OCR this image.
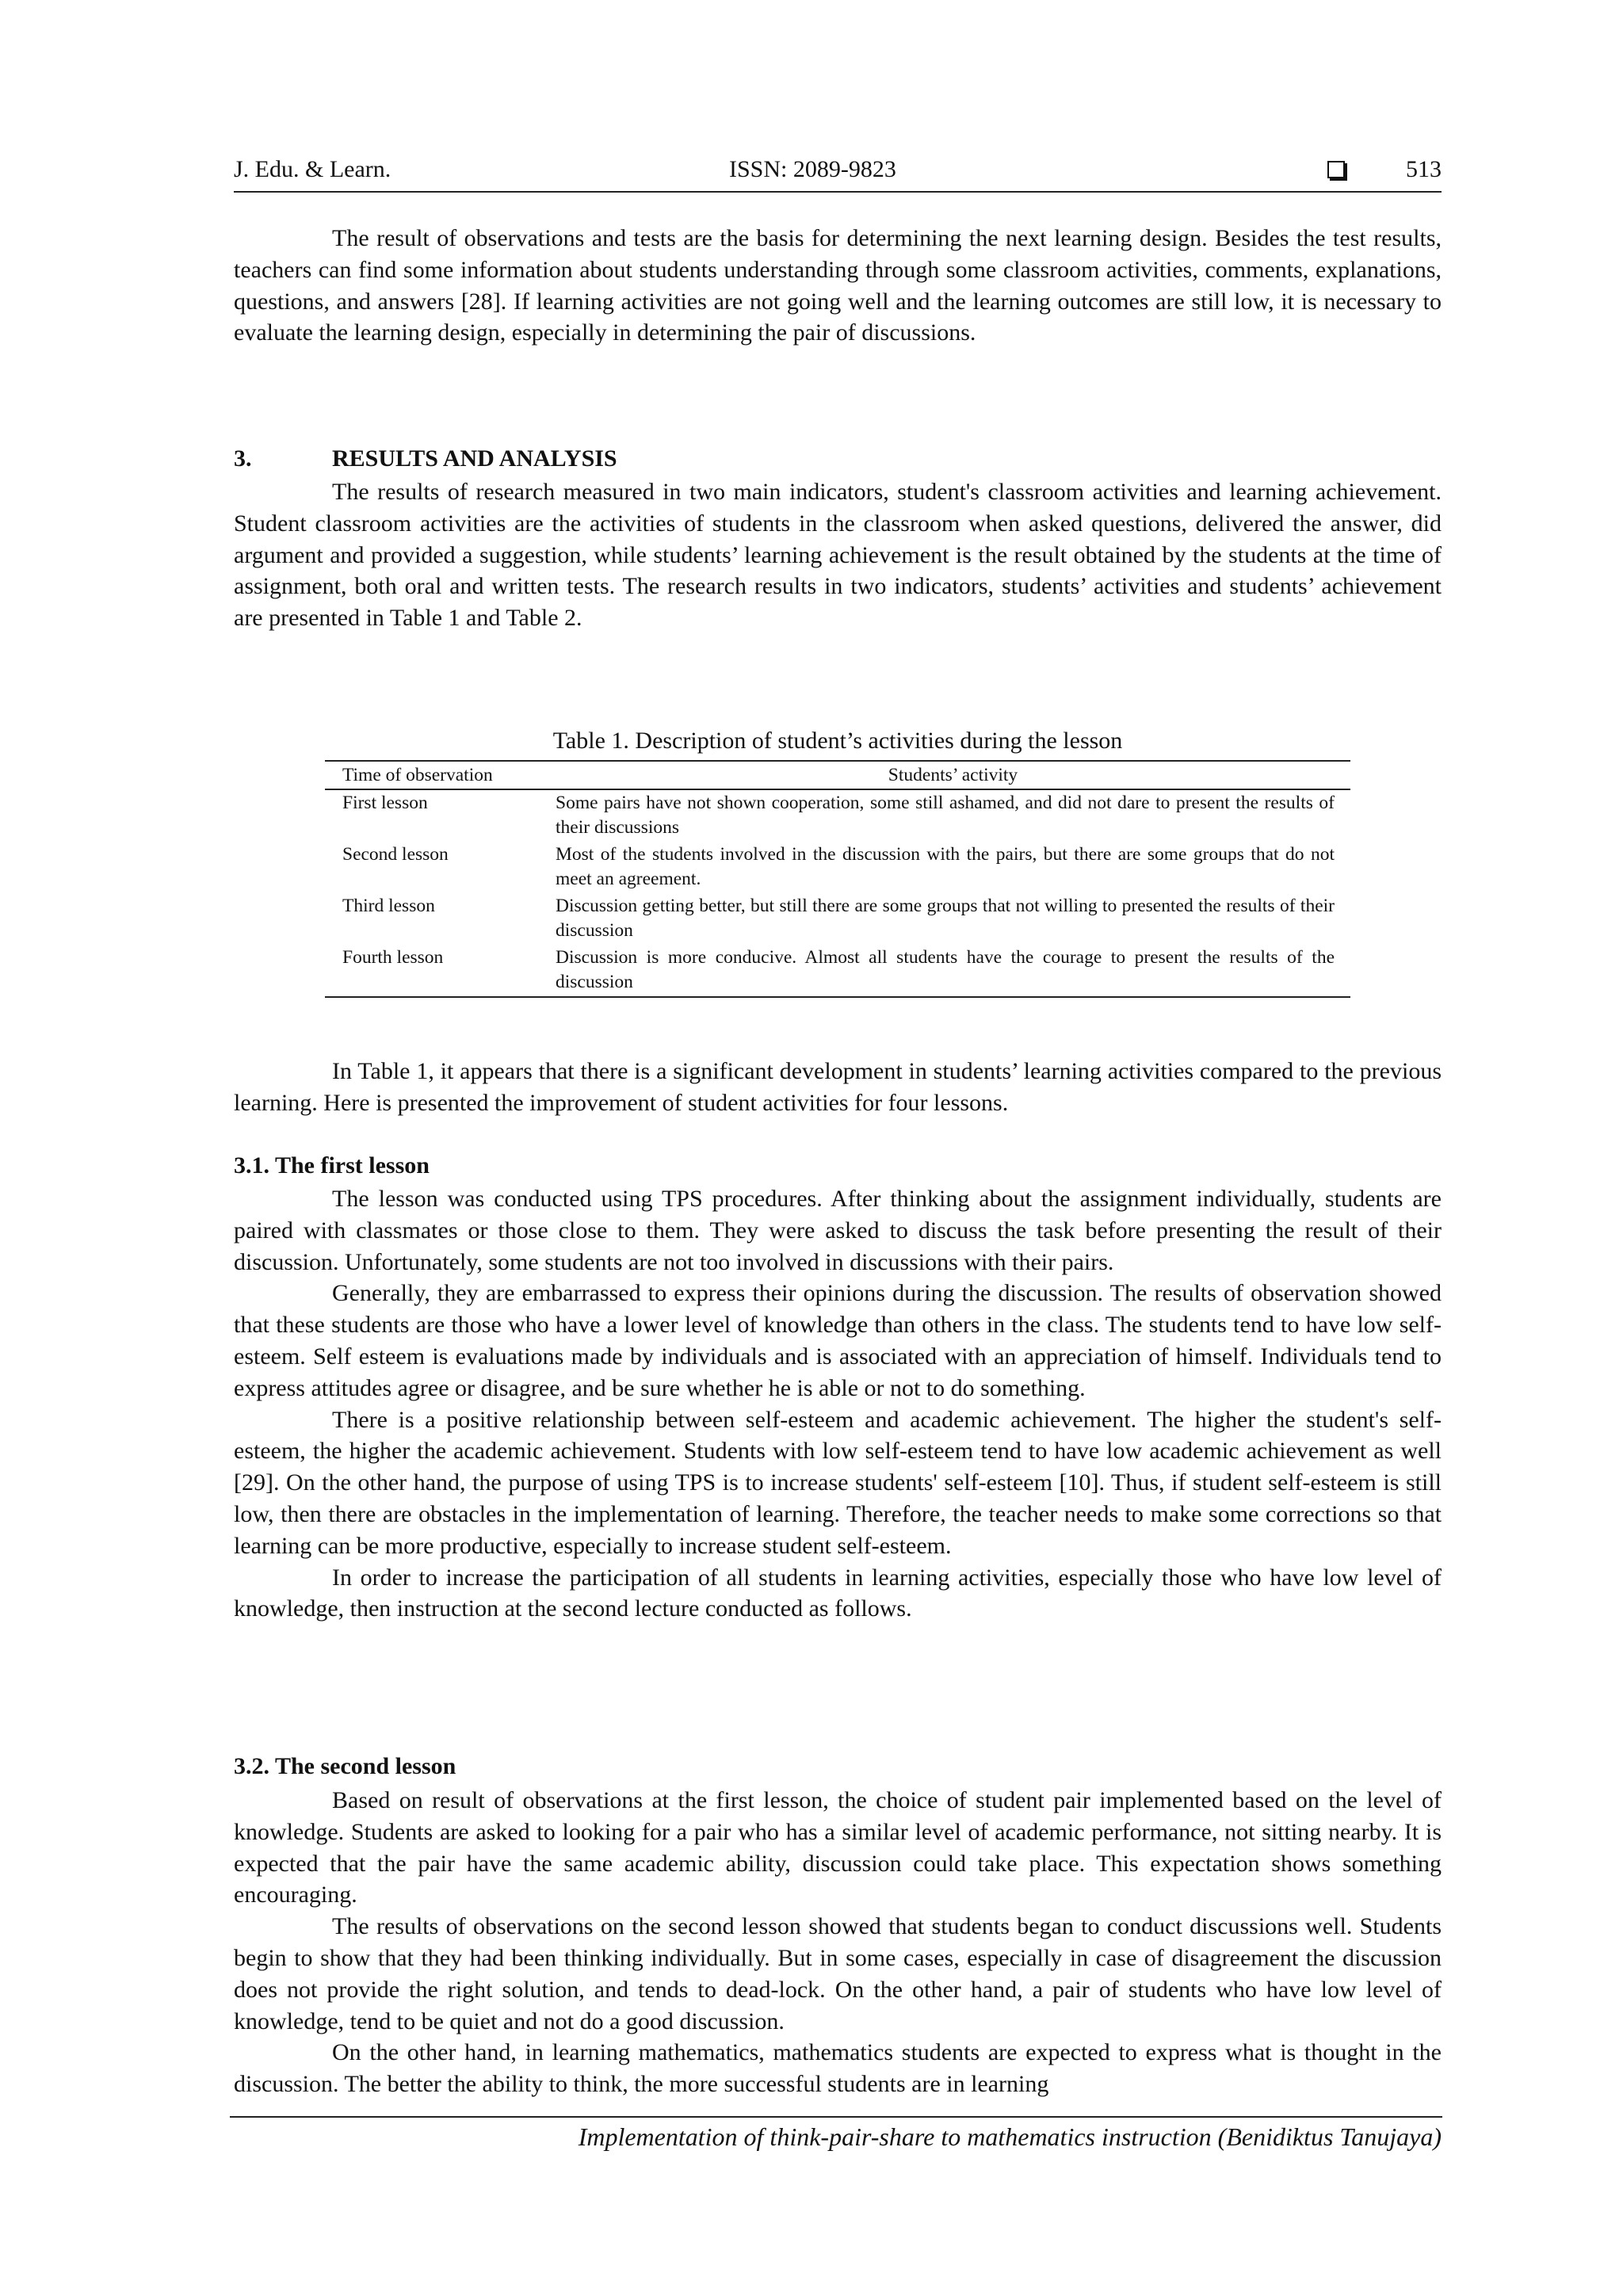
J. Edu. & Learn.	ISSN: 2089-9823	513

The result of observations and tests are the basis for determining the next learning design. Besides the test results, teachers can find some information about students understanding through some classroom activities, comments, explanations, questions, and answers [28]. If learning activities are not going well and the learning outcomes are still low, it is necessary to evaluate the learning design, especially in determining the pair of discussions.

3.	RESULTS AND ANALYSIS

The results of research measured in two main indicators, student's classroom activities and learning achievement. Student classroom activities are the activities of students in the classroom when asked questions, delivered the answer, did argument and provided a suggestion, while students’ learning achievement is the result obtained by the students at the time of assignment, both oral and written tests. The research results in two indicators, students’ activities and students’ achievement are presented in Table 1 and Table 2.

Table 1. Description of student’s activities during the lesson
Time of observation	Students’ activity
First lesson	Some pairs have not shown cooperation, some still ashamed, and did not dare to present the results of their discussions
Second lesson	Most of the students involved in the discussion with the pairs, but there are some groups that do not meet an agreement.
Third lesson	Discussion getting better, but still there are some groups that not willing to presented the results of their discussion
Fourth lesson	Discussion is more conducive. Almost all students have the courage to present the results of the discussion

In Table 1, it appears that there is a significant development in students’ learning activities compared to the previous learning. Here is presented the improvement of student activities for four lessons.

3.1. The first lesson

The lesson was conducted using TPS procedures. After thinking about the assignment individually, students are paired with classmates or those close to them. They were asked to discuss the task before presenting the result of their discussion. Unfortunately, some students are not too involved in discussions with their pairs.

Generally, they are embarrassed to express their opinions during the discussion. The results of observation showed that these students are those who have a lower level of knowledge than others in the class. The students tend to have low self-esteem. Self esteem is evaluations made by individuals and is associated with an appreciation of himself. Individuals tend to express attitudes agree or disagree, and be sure whether he is able or not to do something.

There is a positive relationship between self-esteem and academic achievement. The higher the student's self-esteem, the higher the academic achievement. Students with low self-esteem tend to have low academic achievement as well [29]. On the other hand, the purpose of using TPS is to increase students' self-esteem [10]. Thus, if student self-esteem is still low, then there are obstacles in the implementation of learning. Therefore, the teacher needs to make some corrections so that learning can be more productive, especially to increase student self-esteem.

In order to increase the participation of all students in learning activities, especially those who have low level of knowledge, then instruction at the second lecture conducted as follows.

3.2. The second lesson

Based on result of observations at the first lesson, the choice of student pair implemented based on the level of knowledge. Students are asked to looking for a pair who has a similar level of academic performance, not sitting nearby. It is expected that the pair have the same academic ability, discussion could take place. This expectation shows something encouraging.

The results of observations on the second lesson showed that students began to conduct discussions well. Students begin to show that they had been thinking individually. But in some cases, especially in case of disagreement the discussion does not provide the right solution, and tends to dead-lock. On the other hand, a pair of students who have low level of knowledge, tend to be quiet and not do a good discussion.

On the other hand, in learning mathematics, mathematics students are expected to express what is thought in the discussion. The better the ability to think, the more successful students are in learning

Implementation of think-pair-share to mathematics instruction (Benidiktus Tanujaya)
